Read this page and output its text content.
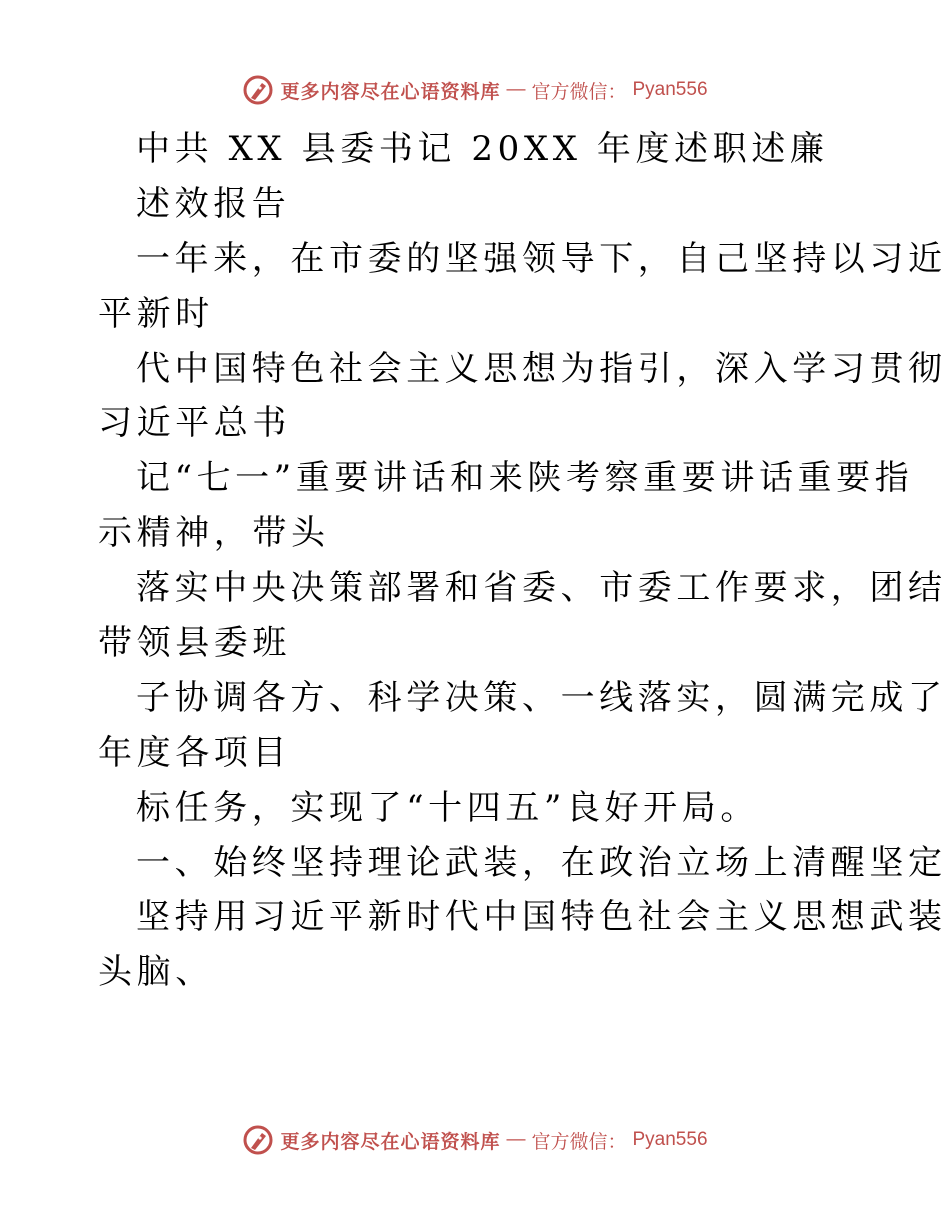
更多内容尽在心语资料库 — 官方微信： Pyan556
中共 XX 县委书记 20XX 年度述职述廉
述效报告
一年来，在市委的坚强领导下，自己坚持以习近
平新时
代中国特色社会主义思想为指引，深入学习贯彻
习近平总书
记“七一”重要讲话和来陕考察重要讲话重要指
示精神，带头
落实中央决策部署和省委、市委工作要求，团结
带领县委班
子协调各方、科学决策、一线落实，圆满完成了
年度各项目
标任务，实现了“十四五”良好开局。
一、始终坚持理论武装，在政治立场上清醒坚定
坚持用习近平新时代中国特色社会主义思想武装
头脑、
更多内容尽在心语资料库 — 官方微信： Pyan556
